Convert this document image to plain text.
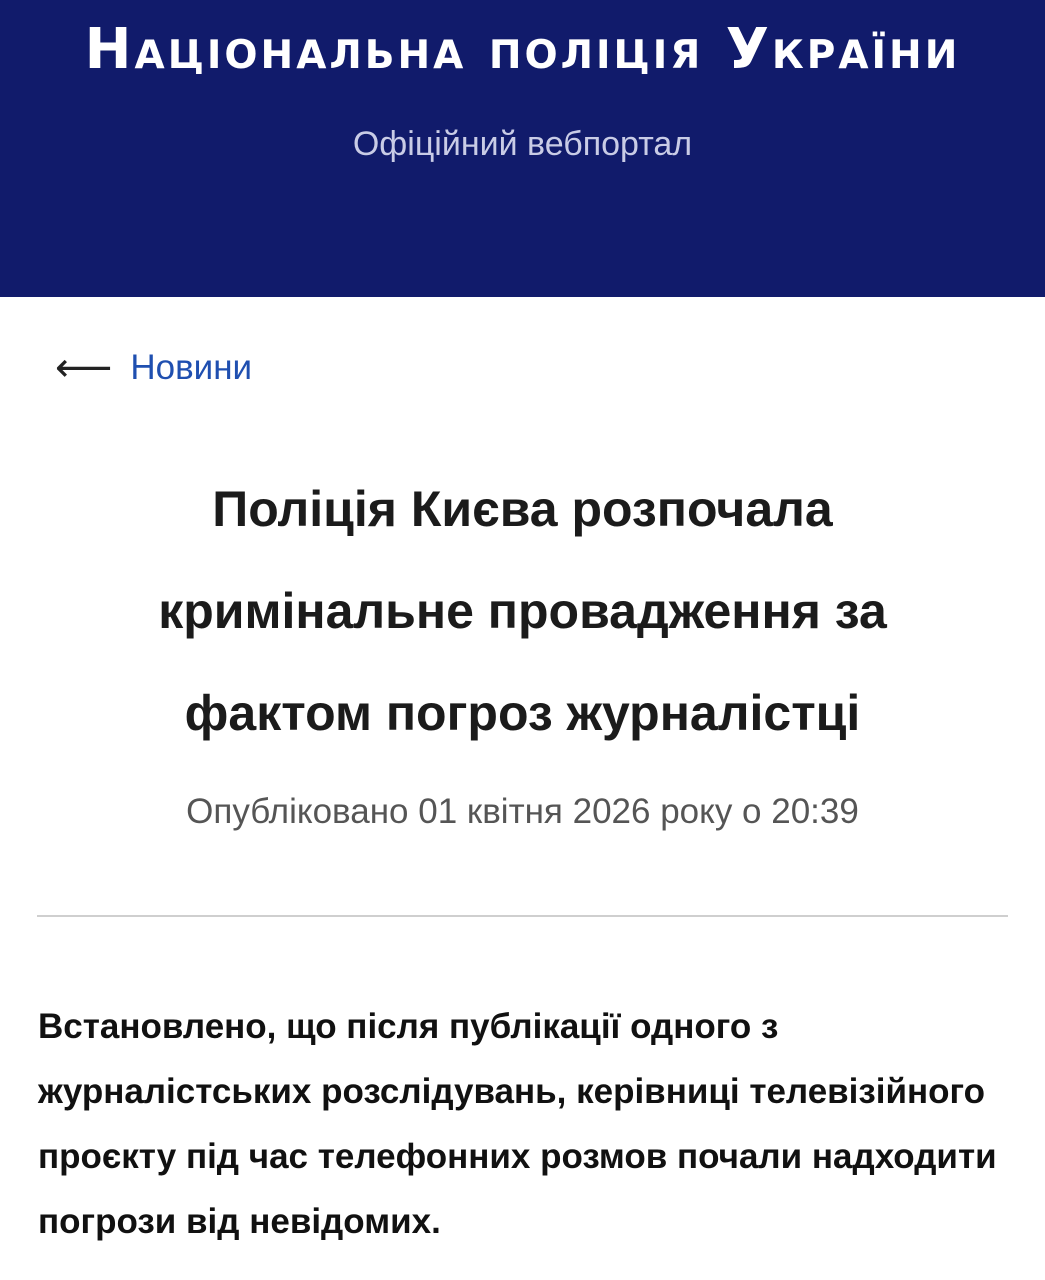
Національна поліція України
Офіційний вебпортал
⟵ Новини
Поліція Києва розпочала кримінальне провадження за фактом погроз журналістці
Опубліковано 01 квітня 2026 року о 20:39

Встановлено, що після публікації одного з журналістських розслідувань, керівниці телевізійного проєкту під час телефонних розмов почали надходити погрози від невідомих.
